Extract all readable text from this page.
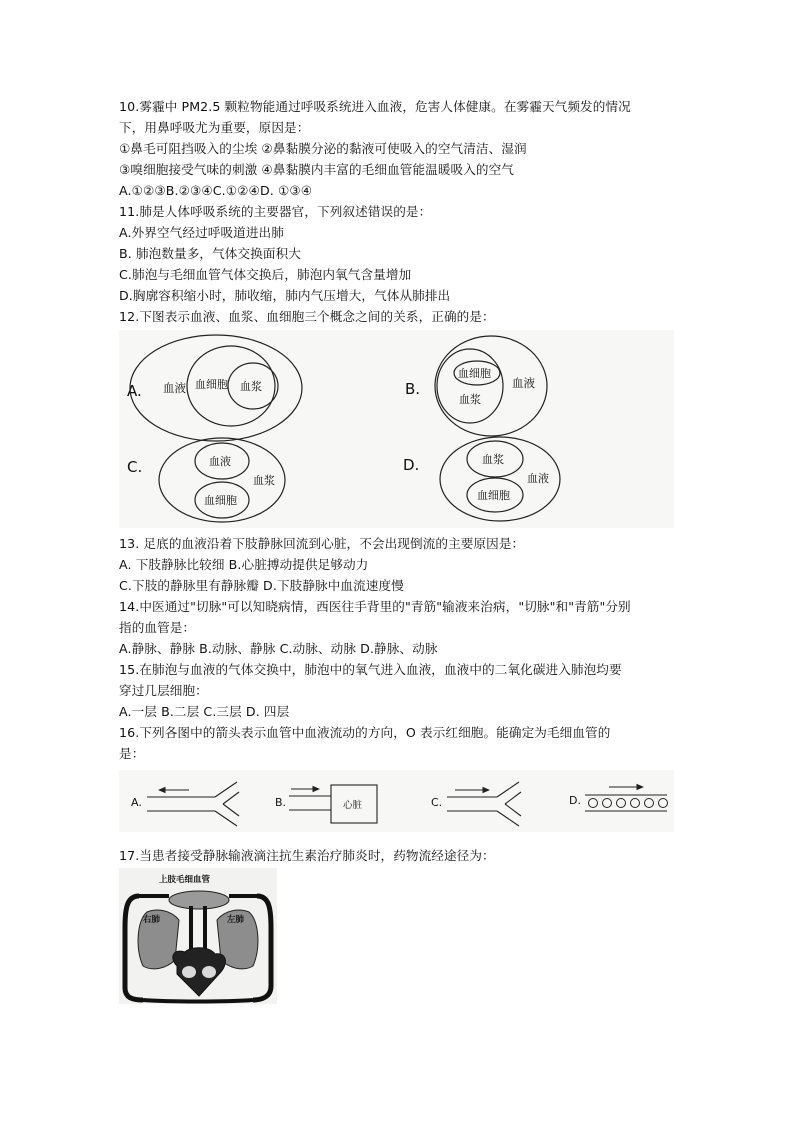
10.雾霾中 PM2.5 颗粒物能通过呼吸系统进入血液，危害人体健康。在雾霾天气频发的情况
下，用鼻呼吸尤为重要，原因是：
①鼻毛可阻挡吸入的尘埃 ②鼻黏膜分泌的黏液可使吸入的空气清洁、湿润
③嗅细胞接受气味的刺激 ④鼻黏膜内丰富的毛细血管能温暖吸入的空气
A.①②③B.②③④C.①②④D. ①③④
11.肺是人体呼吸系统的主要器官，下列叙述错误的是：
A.外界空气经过呼吸道进出肺
B. 肺泡数量多，气体交换面积大
C.肺泡与毛细血管气体交换后，肺泡内氧气含量增加
D.胸廓容积缩小时，肺收缩，肺内气压增大，气体从肺排出
12.下图表示血液、血浆、血细胞三个概念之间的关系，正确的是：
A. 血液 血细胞 血浆	B.
血细胞
血浆
血液
C.	血液
血浆
血细胞
D.	血浆
血液
血细胞
13. 足底的血液沿着下肢静脉回流到心脏，不会出现倒流的主要原因是：
A. 下肢静脉比较细 B.心脏搏动提供足够动力
C.下肢的静脉里有静脉瓣 D.下肢静脉中血流速度慢
14.中医通过"切脉"可以知晓病情，西医往手背里的"青筋"输液来治病，"切脉"和"青筋"分别
指的血管是：
A.静脉、静脉 B.动脉、静脉 C.动脉、动脉 D.静脉、动脉
15.在肺泡与血液的气体交换中，肺泡中的氧气进入血液，血液中的二氧化碳进入肺泡均要
穿过几层细胞：
A.一层 B.二层 C.三层 D. 四层
16.下列各图中的箭头表示血管中血液流动的方向，O 表示红细胞。能确定为毛细血管的
是：
A.	B.	心脏	C.	D.
17.当患者接受静脉输液滴注抗生素治疗肺炎时，药物流经途径为：
上肢毛细血管
右肺	左肺
